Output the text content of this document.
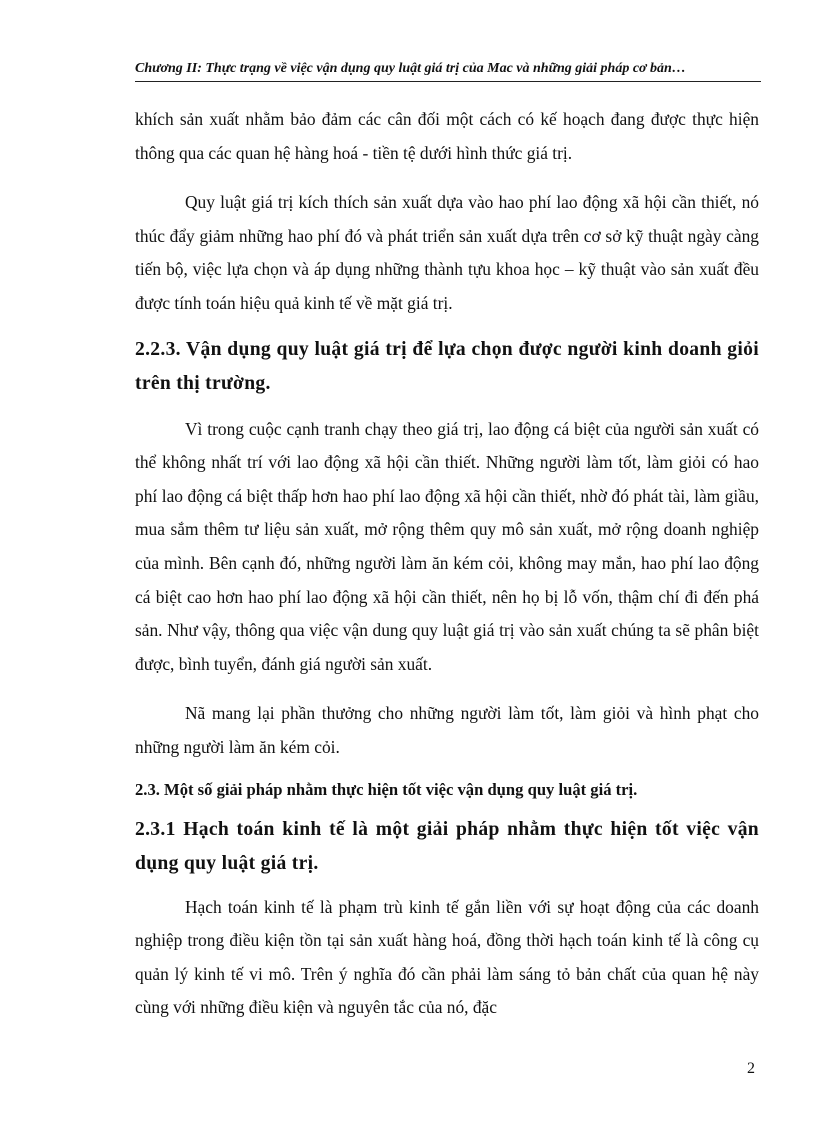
Chương II: Thực trạng về việc vận dụng quy luật giá trị của Mac và những giải pháp cơ bản…

khích sản xuất nhằm bảo đảm các cân đối một cách có kế hoạch đang được thực hiện thông qua các quan hệ hàng hoá - tiền tệ dưới hình thức giá trị.

Quy luật giá trị kích thích sản xuất dựa vào hao phí lao động xã hội cần thiết, nó thúc đẩy giảm những hao phí đó và phát triển sản xuất dựa trên cơ sở kỹ thuật ngày càng tiến bộ, việc lựa chọn và áp dụng những thành tựu khoa học – kỹ thuật vào sản xuất đều được tính toán hiệu quả kinh tế về mặt giá trị.

2.2.3. Vận dụng quy luật giá trị để lựa chọn được người kinh doanh giỏi trên thị trường.

Vì trong cuộc cạnh tranh chạy theo giá trị, lao động cá biệt của người sản xuất có thể không nhất trí với lao động xã hội cần thiết. Những người làm tốt, làm giỏi có hao phí lao động cá biệt thấp hơn hao phí lao động xã hội cần thiết, nhờ đó phát tài, làm giầu, mua sắm thêm tư liệu sản xuất, mở rộng thêm quy mô sản xuất, mở rộng doanh nghiệp của mình. Bên cạnh đó, những người làm ăn kém cỏi, không may mắn, hao phí lao động cá biệt cao hơn hao phí lao động xã hội cần thiết, nên họ bị lỗ vốn, thậm chí đi đến phá sản. Như vậy, thông qua việc vận dung quy luật giá trị vào sản xuất chúng ta sẽ phân biệt được, bình tuyển, đánh giá người sản xuất.

Nã mang lại phần thưởng cho những người làm tốt, làm giỏi và hình phạt cho những người làm ăn kém cỏi.

2.3. Một số giải pháp nhằm thực hiện tốt việc vận dụng quy luật giá trị.

2.3.1 Hạch toán kinh tế là một giải pháp nhằm thực hiện tốt việc vận dụng quy luật giá trị.

Hạch toán kinh tế là phạm trù kinh tế gắn liền với sự hoạt động của các doanh nghiệp trong điều kiện tồn tại sản xuất hàng hoá, đồng thời hạch toán kinh tế là công cụ quản lý kinh tế vi mô. Trên ý nghĩa đó cần phải làm sáng tỏ bản chất của quan hệ này cùng với những điều kiện và nguyên tắc của nó, đặc

2
